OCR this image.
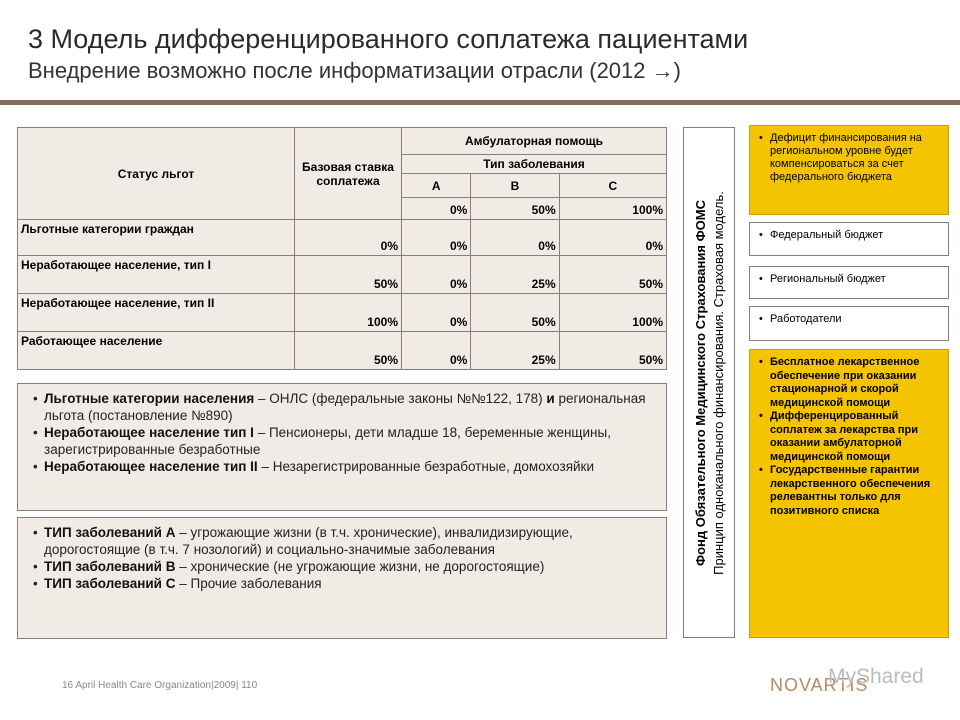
3 Модель дифференцированного соплатежа пациентами
Внедрение возможно после информатизации отрасли (2012 →)
Статус льгот	Базовая ставка соплатежа	Амбулаторная помощь		
		Тип заболевания		
		A	B	C
		0%	50%	100%
Льготные категории граждан	0%	0%	0%	0%
Неработающее население, тип I	50%	0%	25%	50%
Неработающее население, тип II	100%	0%	50%	100%
Работающее население	50%	0%	25%	50%
• Льготные категории населения – ОНЛС (федеральные законы №№122, 178) и региональная льгота (постановление №890)
• Неработающее население тип I – Пенсионеры, дети младше 18, беременные женщины, зарегистрированные безработные
• Неработающее население тип II – Незарегистрированные безработные, домохозяйки
• ТИП заболеваний А – угрожающие жизни (в т.ч. хронические), инвалидизирующие, дорогостоящие (в т.ч. 7 нозологий) и социально-значимые заболевания
• ТИП заболеваний B – хронические (не угрожающие жизни, не дорогостоящие)
• ТИП заболеваний C – Прочие заболевания
Фонд Обязательного Медицинского Страхования ФОМС Принцип одноканального финансирования. Страховая модель.
• Дефицит финансирования на региональном уровне будет компенсироваться за счет федерального бюджета
• Федеральный бюджет
• Региональный бюджет
• Работодатели
• Бесплатное лекарственное обеспечение при оказании стационарной и скорой медицинской помощи
• Дифференцированный соплатеж за лекарства при оказании амбулаторной медицинской помощи
• Государственные гарантии лекарственного обеспечения релевантны только для позитивного списка
16 April Health Care Organization|2009| 110	NOVARTIS
MyShared
